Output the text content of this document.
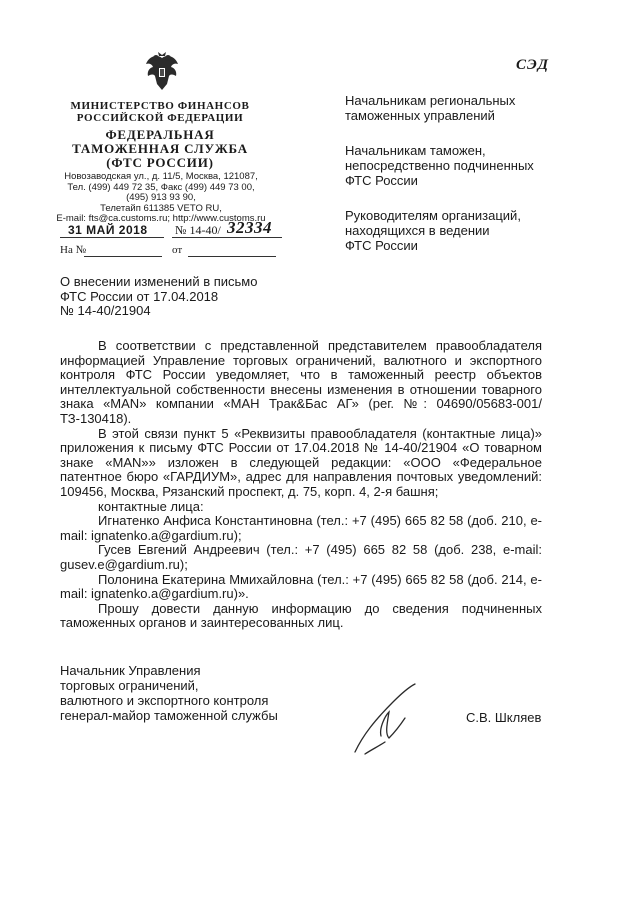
СЭД
МИНИСТЕРСТВО ФИНАНСОВ
РОССИЙСКОЙ ФЕДЕРАЦИИ
ФЕДЕРАЛЬНАЯ
ТАМОЖЕННАЯ СЛУЖБА
(ФТС РОССИИ)
Новозаводская ул., д. 11/5, Москва, 121087,
Тел. (499) 449 72 35, Факс (499) 449 73 00,
(495) 913 93 90,
Телетайп 611385 VETO RU,
E-mail: fts@ca.customs.ru; http://www.customs.ru
31 МАЙ 2018 № 14-40/ 32334
На №	от
Начальникам региональных
таможенных управлений
Начальникам таможен,
непосредственно подчиненных
ФТС России
Руководителям организаций,
находящихся в ведении
ФТС России
О внесении изменений в письмо
ФТС России от 17.04.2018
№ 14-40/21904

В соответствии с представленной представителем правообладателя информацией Управление торговых ограничений, валютного и экспортного контроля ФТС России уведомляет, что в таможенный реестр объектов интеллектуальной собственности внесены изменения в отношении товарного знака «MAN» компании «МАН Трак&Бас АГ» (рег. №: 04690/05683-001/ТЗ-130418).

В этой связи пункт 5 «Реквизиты правообладателя (контактные лица)» приложения к письму ФТС России от 17.04.2018 № 14-40/21904 «О товарном знаке «MAN»» изложен в следующей редакции: «ООО «Федеральное патентное бюро «ГАРДИУМ», адрес для направления почтовых уведомлений: 109456, Москва, Рязанский проспект, д. 75, корп. 4, 2-я башня;

контактные лица:

Игнатенко Анфиса Константиновна (тел.: +7 (495) 665 82 58 (доб. 210, e-mail: ignatenko.a@gardium.ru);

Гусев Евгений Андреевич (тел.: +7 (495) 665 82 58 (доб. 238, e-mail: gusev.e@gardium.ru);

Полонина Екатерина Ммихайловна (тел.: +7 (495) 665 82 58 (доб. 214, e-mail: ignatenko.a@gardium.ru)».

Прошу довести данную информацию до сведения подчиненных таможенных органов и заинтересованных лиц.

Начальник Управления
торговых ограничений,
валютного и экспортного контроля
генерал-майор таможенной службы	С.В. Шкляев
